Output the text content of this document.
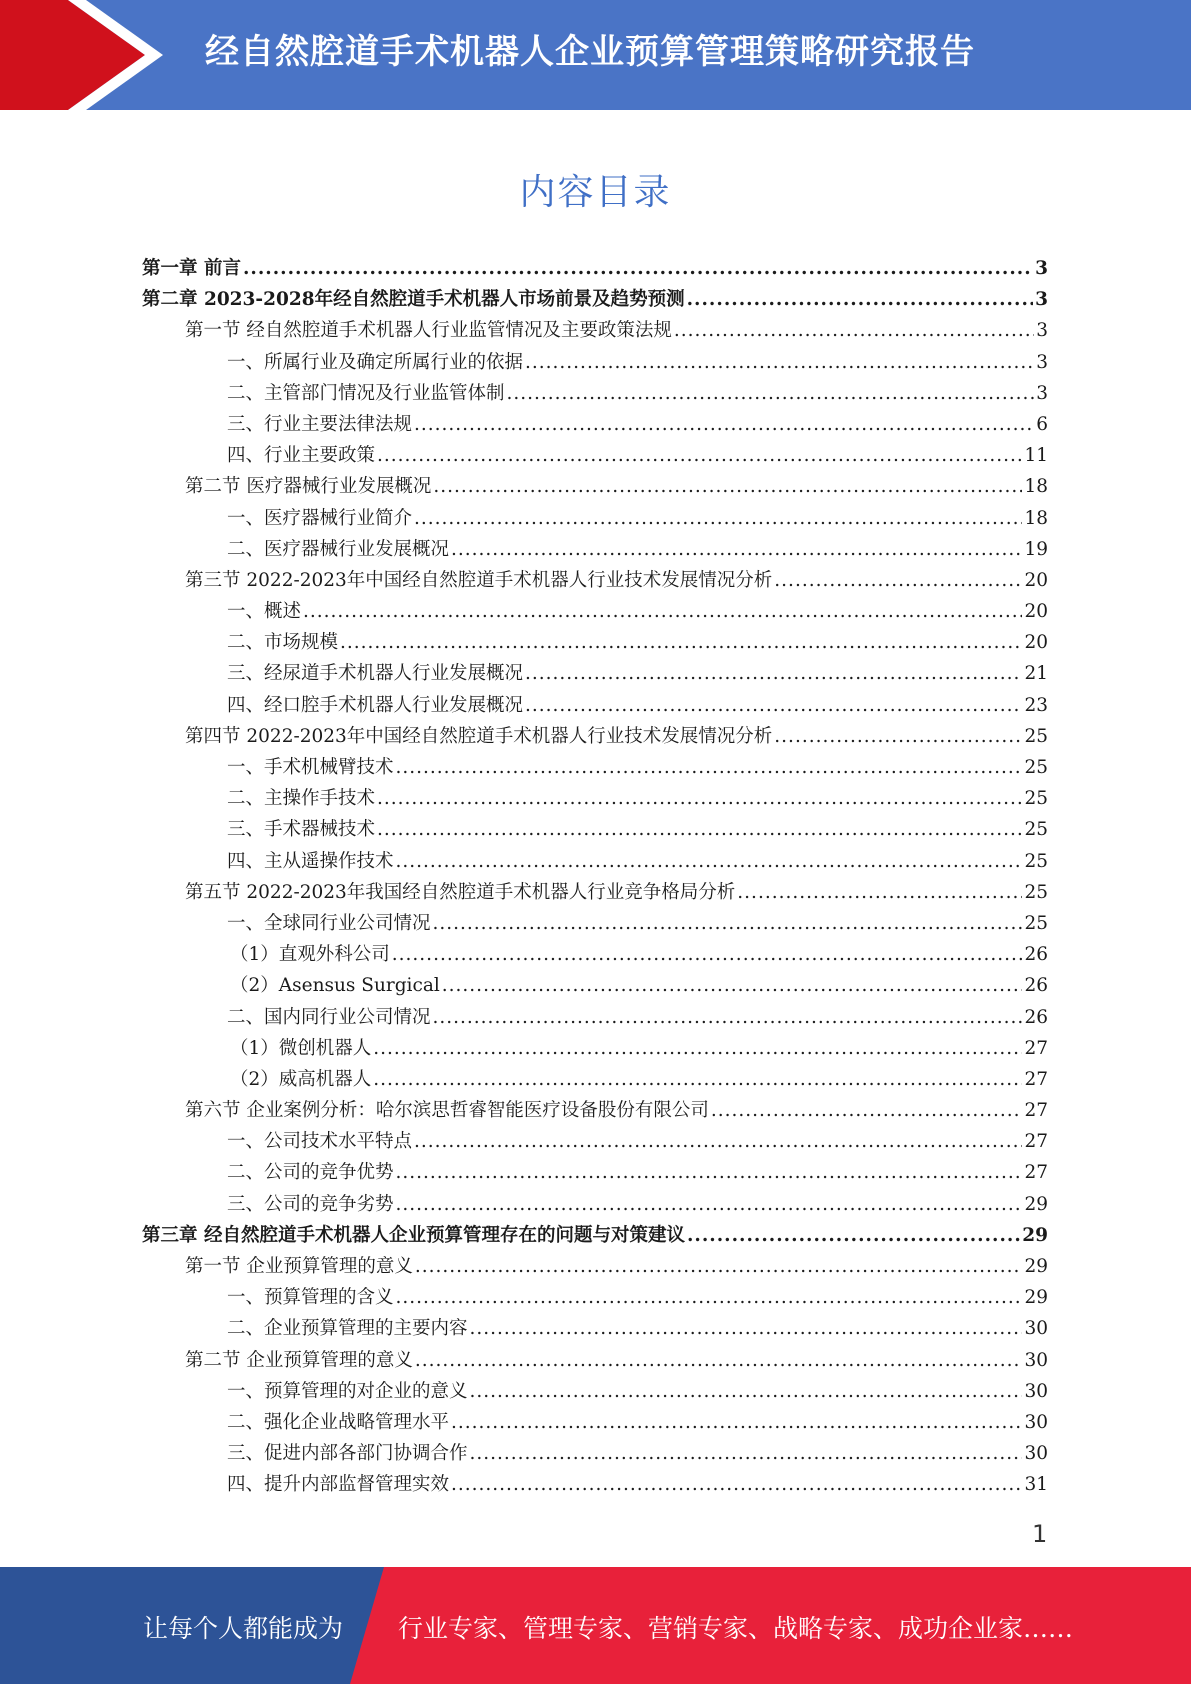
经自然腔道手术机器人企业预算管理策略研究报告
内容目录
第一章 前言 .....	3
第二章 2023-2028年经自然腔道手术机器人市场前景及趋势预测 .....	3
第一节 经自然腔道手术机器人行业监管情况及主要政策法规 .....	3
一、所属行业及确定所属行业的依据 .....	3
二、主管部门情况及行业监管体制 .....	3
三、行业主要法律法规 .....	6
四、行业主要政策 .....	11
第二节 医疗器械行业发展概况 .....	18
一、医疗器械行业简介 .....	18
二、医疗器械行业发展概况 .....	19
第三节 2022-2023年中国经自然腔道手术机器人行业技术发展情况分析 .....	20
一、概述 .....	20
二、市场规模 .....	20
三、经尿道手术机器人行业发展概况 .....	21
四、经口腔手术机器人行业发展概况 .....	23
第四节 2022-2023年中国经自然腔道手术机器人行业技术发展情况分析 .....	25
一、手术机械臂技术 .....	25
二、主操作手技术 .....	25
三、手术器械技术 .....	25
四、主从遥操作技术 .....	25
第五节 2022-2023年我国经自然腔道手术机器人行业竞争格局分析 .....	25
一、全球同行业公司情况 .....	25
（1）直观外科公司 .....	26
（2）Asensus Surgical .....	26
二、国内同行业公司情况 .....	26
（1）微创机器人 .....	27
（2）威高机器人 .....	27
第六节 企业案例分析：哈尔滨思哲睿智能医疗设备股份有限公司 .....	27
一、公司技术水平特点 .....	27
二、公司的竞争优势 .....	27
三、公司的竞争劣势 .....	29
第三章 经自然腔道手术机器人企业预算管理存在的问题与对策建议 .....	29
第一节 企业预算管理的意义 .....	29
一、预算管理的含义 .....	29
二、企业预算管理的主要内容 .....	30
第二节 企业预算管理的意义 .....	30
一、预算管理的对企业的意义 .....	30
二、强化企业战略管理水平 .....	30
三、促进内部各部门协调合作 .....	30
四、提升内部监督管理实效 .....	31
1
让每个人都能成为 行业专家、管理专家、营销专家、战略专家、成功企业家……
